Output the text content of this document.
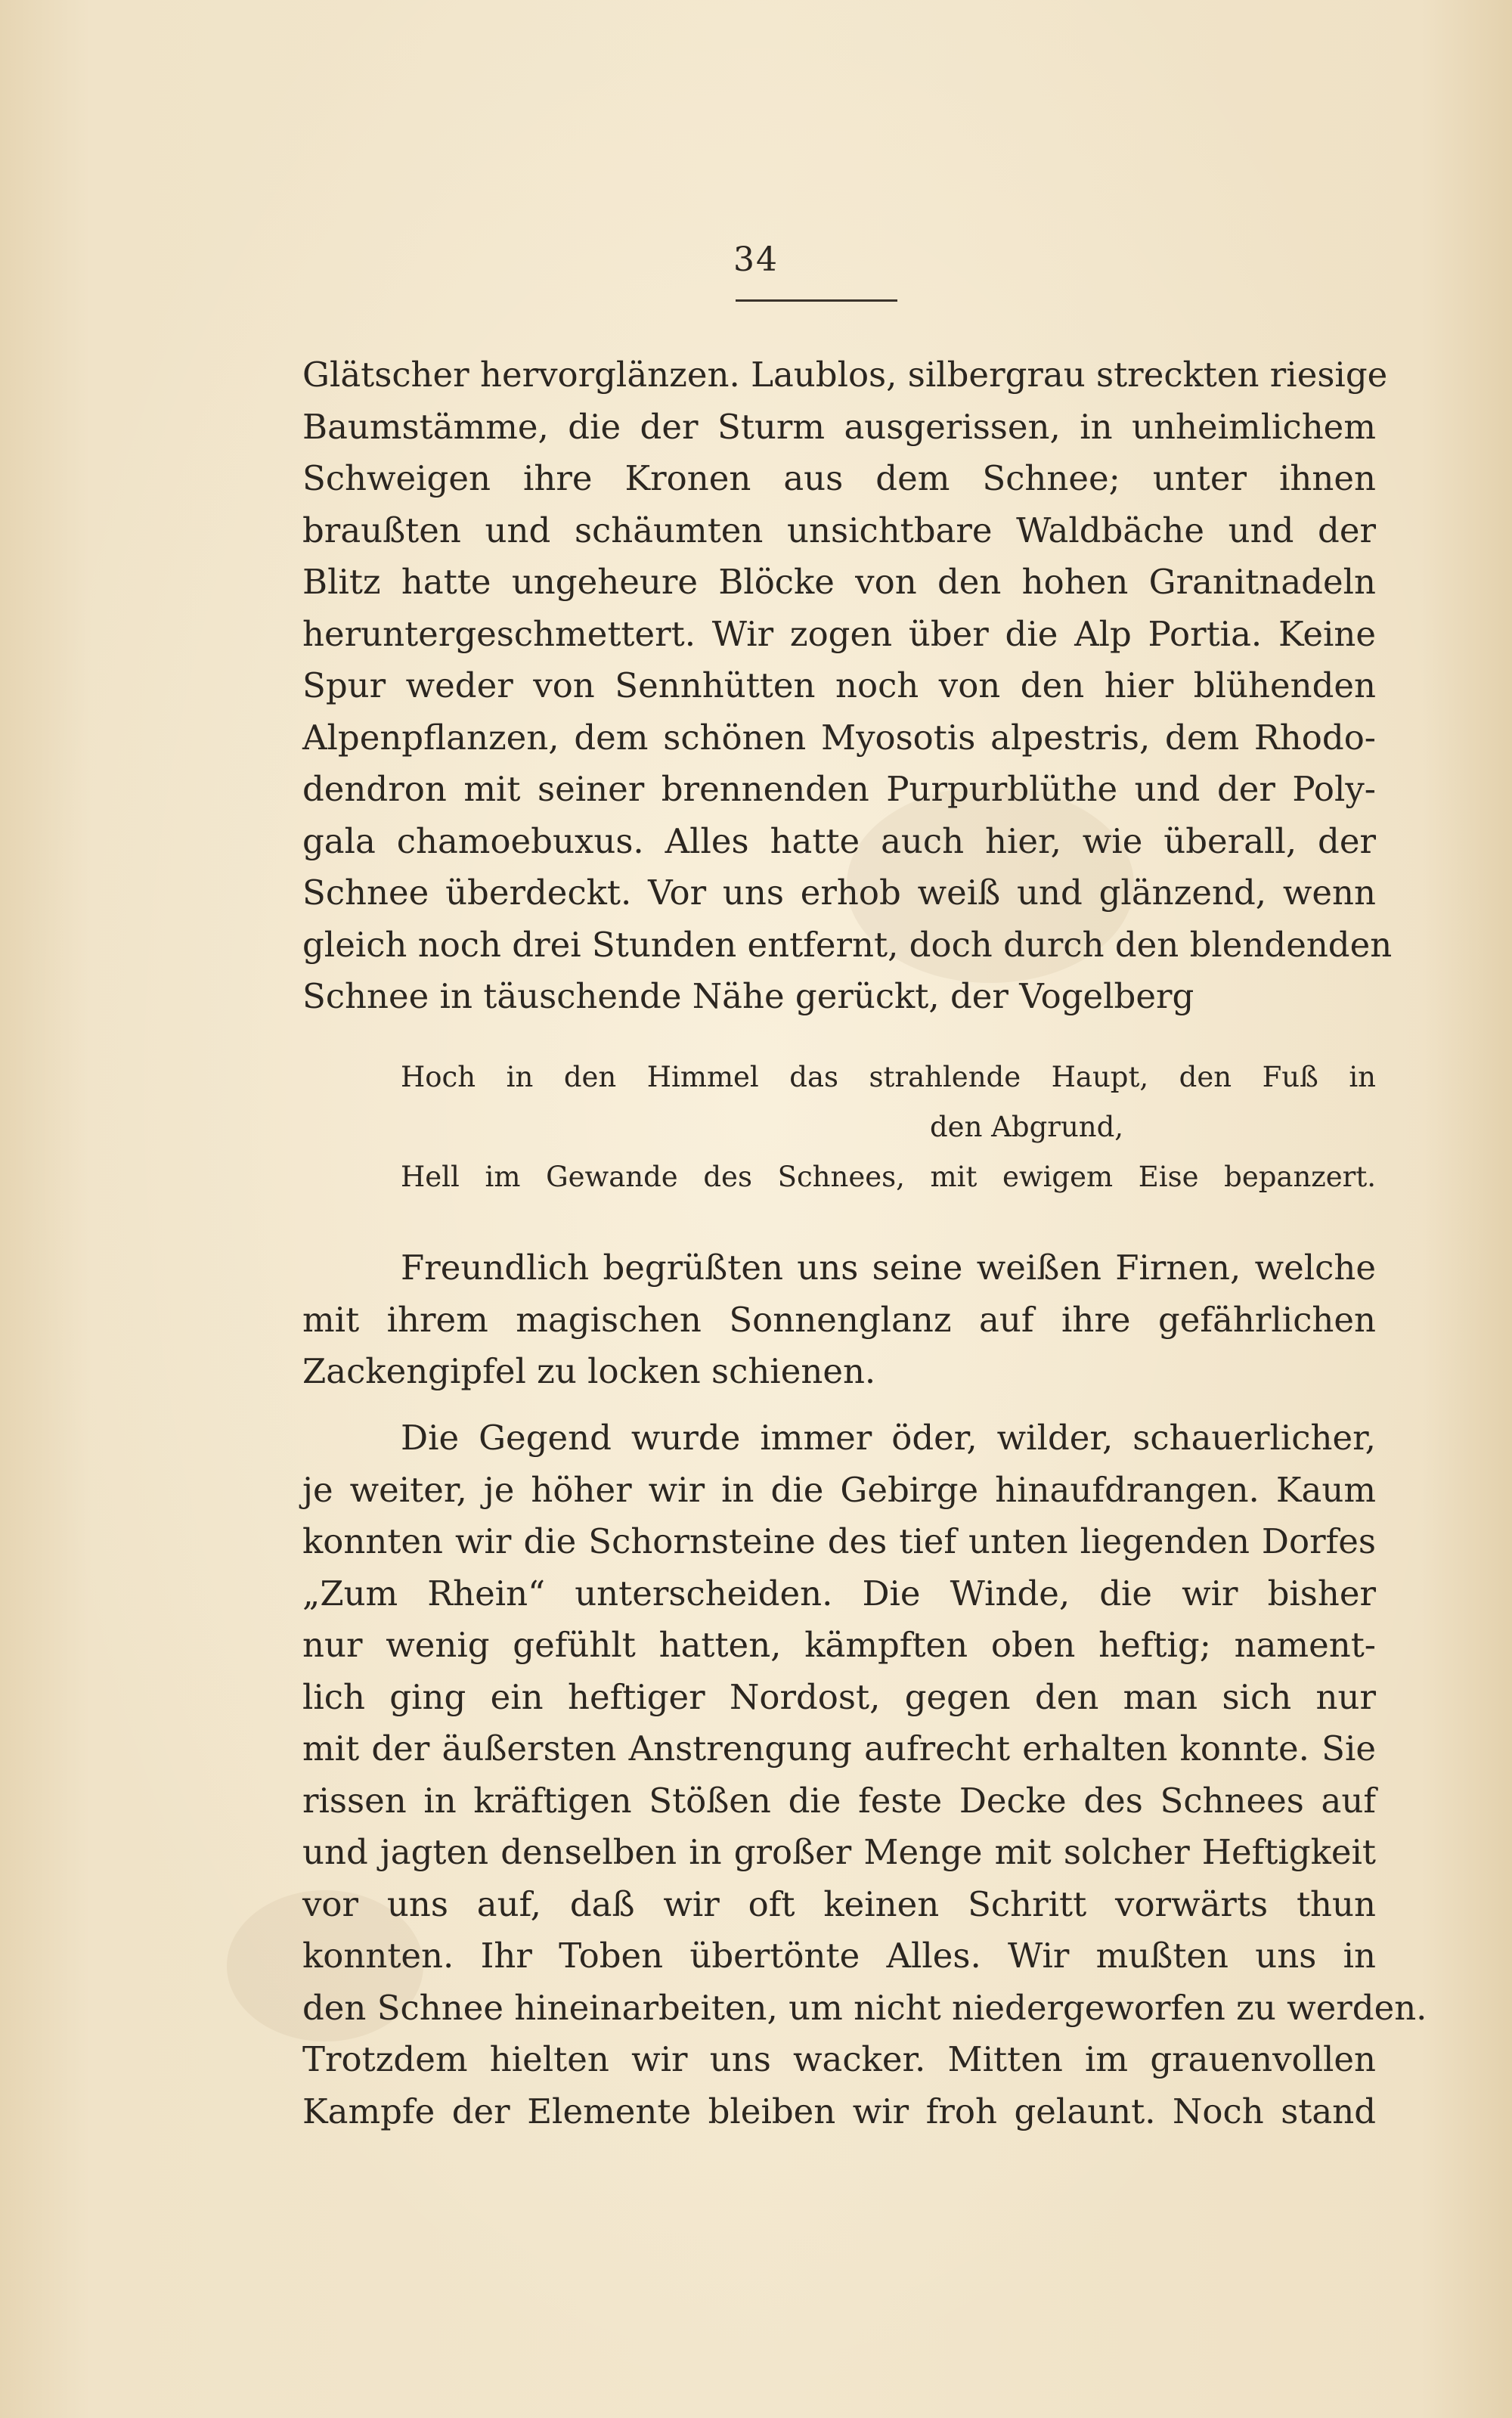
34
Glätscher hervorglänzen. Laublos, silbergrau streckten riesige
Baumstämme, die der Sturm ausgerissen, in unheimlichem
Schweigen ihre Kronen aus dem Schnee; unter ihnen
braußten und schäumten unsichtbare Waldbäche und der
Blitz hatte ungeheure Blöcke von den hohen Granitnadeln
heruntergeschmettert. Wir zogen über die Alp Portia. Keine
Spur weder von Sennhütten noch von den hier blühenden
Alpenpflanzen, dem schönen Myosotis alpestris, dem Rhodo-
dendron mit seiner brennenden Purpurblüthe und der Poly-
gala chamoebuxus. Alles hatte auch hier, wie überall, der
Schnee überdeckt. Vor uns erhob weiß und glänzend, wenn
gleich noch drei Stunden entfernt, doch durch den blendenden
Schnee in täuschende Nähe gerückt, der Vogelberg
Hoch in den Himmel das strahlende Haupt, den Fuß in
den Abgrund,
Hell im Gewande des Schnees, mit ewigem Eise bepanzert.
Freundlich begrüßten uns seine weißen Firnen, welche
mit ihrem magischen Sonnenglanz auf ihre gefährlichen
Zackengipfel zu locken schienen.
Die Gegend wurde immer öder, wilder, schauerlicher,
je weiter, je höher wir in die Gebirge hinaufdrangen. Kaum
konnten wir die Schornsteine des tief unten liegenden Dorfes
„Zum Rhein“ unterscheiden. Die Winde, die wir bisher
nur wenig gefühlt hatten, kämpften oben heftig; nament-
lich ging ein heftiger Nordost, gegen den man sich nur
mit der äußersten Anstrengung aufrecht erhalten konnte. Sie
rissen in kräftigen Stößen die feste Decke des Schnees auf
und jagten denselben in großer Menge mit solcher Heftigkeit
vor uns auf, daß wir oft keinen Schritt vorwärts thun
konnten. Ihr Toben übertönte Alles. Wir mußten uns in
den Schnee hineinarbeiten, um nicht niedergeworfen zu werden.
Trotzdem hielten wir uns wacker. Mitten im grauenvollen
Kampfe der Elemente bleiben wir froh gelaunt. Noch stand
